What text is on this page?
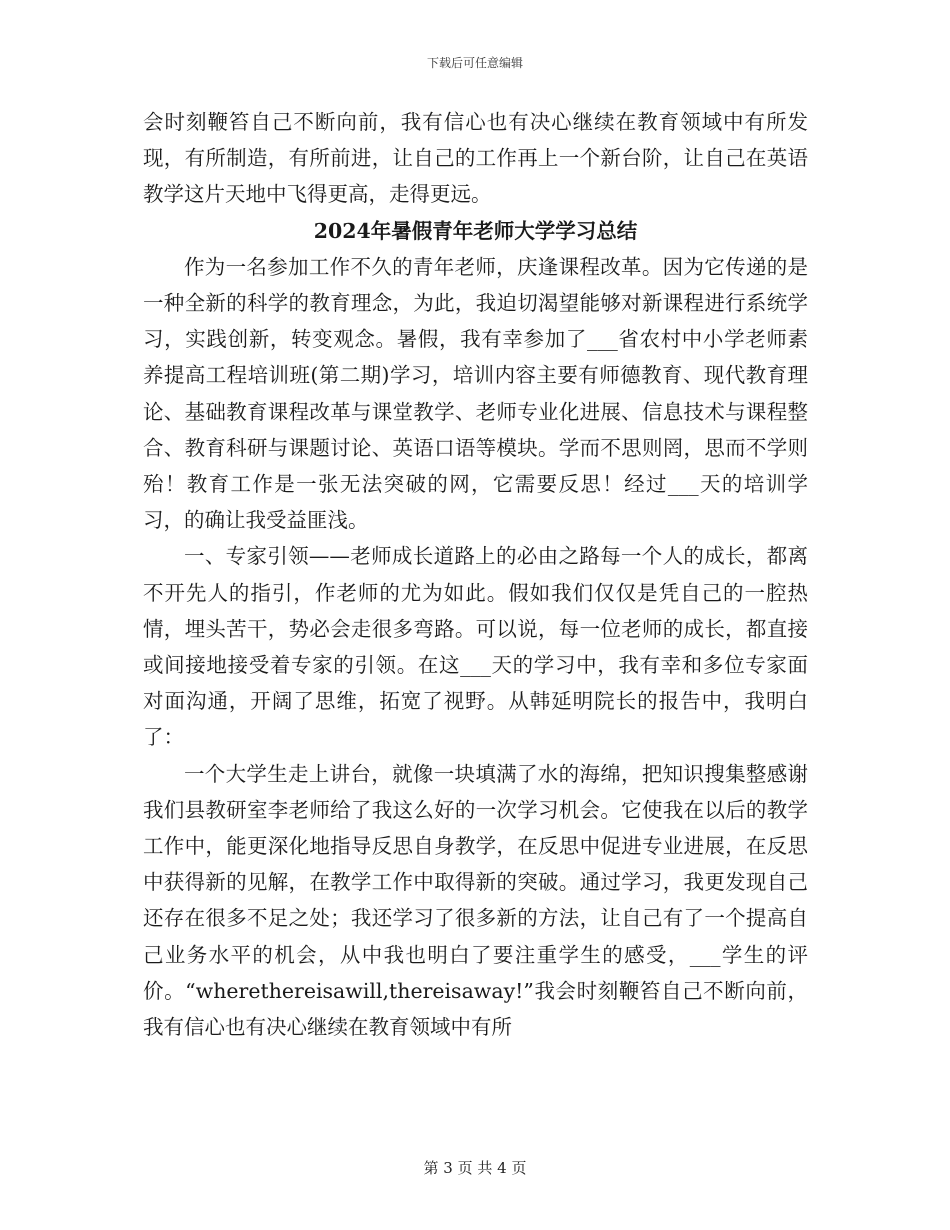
下载后可任意编辑

会时刻鞭笞自己不断向前，我有信心也有决心继续在教育领域中有所发现，有所制造，有所前进，让自己的工作再上一个新台阶，让自己在英语教学这片天地中飞得更高，走得更远。

2024年暑假青年老师大学学习总结

作为一名参加工作不久的青年老师，庆逢课程改革。因为它传递的是一种全新的科学的教育理念，为此，我迫切渴望能够对新课程进行系统学习，实践创新，转变观念。暑假，我有幸参加了___省农村中小学老师素养提高工程培训班(第二期)学习，培训内容主要有师德教育、现代教育理论、基础教育课程改革与课堂教学、老师专业化进展、信息技术与课程整合、教育科研与课题讨论、英语口语等模块。学而不思则罔，思而不学则殆！教育工作是一张无法突破的网，它需要反思！经过___天的培训学习，的确让我受益匪浅。

一、专家引领——老师成长道路上的必由之路每一个人的成长，都离不开先人的指引，作老师的尤为如此。假如我们仅仅是凭自己的一腔热情，埋头苦干，势必会走很多弯路。可以说，每一位老师的成长，都直接或间接地接受着专家的引领。在这___天的学习中，我有幸和多位专家面对面沟通，开阔了思维，拓宽了视野。从韩延明院长的报告中，我明白了：

一个大学生走上讲台，就像一块填满了水的海绵，把知识搜集整感谢我们县教研室李老师给了我这么好的一次学习机会。它使我在以后的教学工作中，能更深化地指导反思自身教学，在反思中促进专业进展，在反思中获得新的见解，在教学工作中取得新的突破。通过学习，我更发现自己还存在很多不足之处；我还学习了很多新的方法，让自己有了一个提高自己业务水平的机会，从中我也明白了要注重学生的感受，___学生的评价。“wherethereisawill,thereisaway!”我会时刻鞭笞自己不断向前，我有信心也有决心继续在教育领域中有所

第 3 页 共 4 页
